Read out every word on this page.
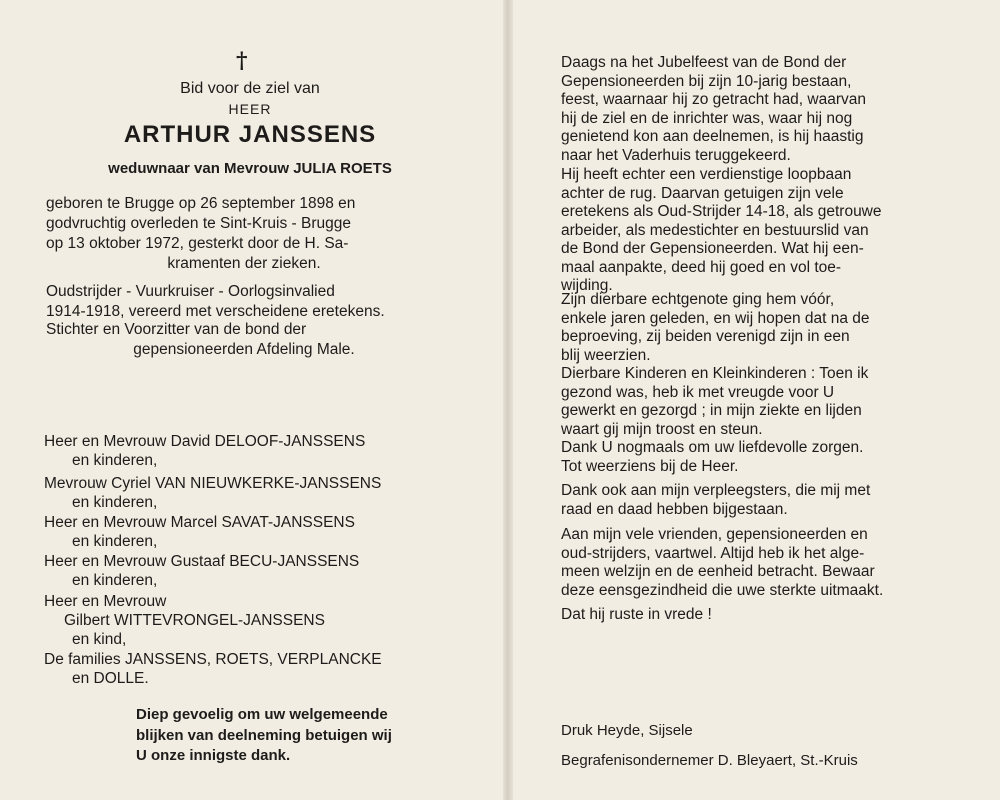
†
Bid voor de ziel van
HEER
ARTHUR JANSSENS
weduwnaar van Mevrouw JULIA ROETS
geboren te Brugge op 26 september 1898 en
godvruchtig overleden te Sint-Kruis - Brugge
op 13 oktober 1972, gesterkt door de H. Sa-
kramenten der zieken.
Oudstrijder - Vuurkruiser - Oorlogsinvalied
1914-1918, vereerd met verscheidene eretekens.
Stichter en Voorzitter van de bond der
gepensioneerden Afdeling Male.
Heer en Mevrouw David DELOOF-JANSSENS
en kinderen,
Mevrouw Cyriel VAN NIEUWKERKE-JANSSENS
en kinderen,
Heer en Mevrouw Marcel SAVAT-JANSSENS
en kinderen,
Heer en Mevrouw Gustaaf BECU-JANSSENS
en kinderen,
Heer en Mevrouw
Gilbert WITTEVRONGEL-JANSSENS
en kind,
De families JANSSENS, ROETS, VERPLANCKE
en DOLLE.
Diep gevoelig om uw welgemeende
blijken van deelneming betuigen wij
U onze innigste dank.
Daags na het Jubelfeest van de Bond der
Gepensioneerden bij zijn 10-jarig bestaan,
feest, waarnaar hij zo getracht had, waarvan
hij de ziel en de inrichter was, waar hij nog
genietend kon aan deelnemen, is hij haastig
naar het Vaderhuis teruggekeerd.
Hij heeft echter een verdienstige loopbaan
achter de rug. Daarvan getuigen zijn vele
eretekens als Oud-Strijder 14-18, als getrouwe
arbeider, als medestichter en bestuurslid van
de Bond der Gepensioneerden. Wat hij een-
maal aanpakte, deed hij goed en vol toe-
wijding.
Zijn dierbare echtgenote ging hem vóór,
enkele jaren geleden, en wij hopen dat na de
beproeving, zij beiden verenigd zijn in een
blij weerzien.
Dierbare Kinderen en Kleinkinderen : Toen ik
gezond was, heb ik met vreugde voor U
gewerkt en gezorgd ; in mijn ziekte en lijden
waart gij mijn troost en steun.
Dank U nogmaals om uw liefdevolle zorgen.
Tot weerziens bij de Heer.
Dank ook aan mijn verpleegsters, die mij met
raad en daad hebben bijgestaan.
Aan mijn vele vrienden, gepensioneerden en
oud-strijders, vaartwel. Altijd heb ik het alge-
meen welzijn en de eenheid betracht. Bewaar
deze eensgezindheid die uwe sterkte uitmaakt.
Dat hij ruste in vrede !
Druk Heyde, Sijsele
Begrafenisondernemer D. Bleyaert, St.-Kruis
